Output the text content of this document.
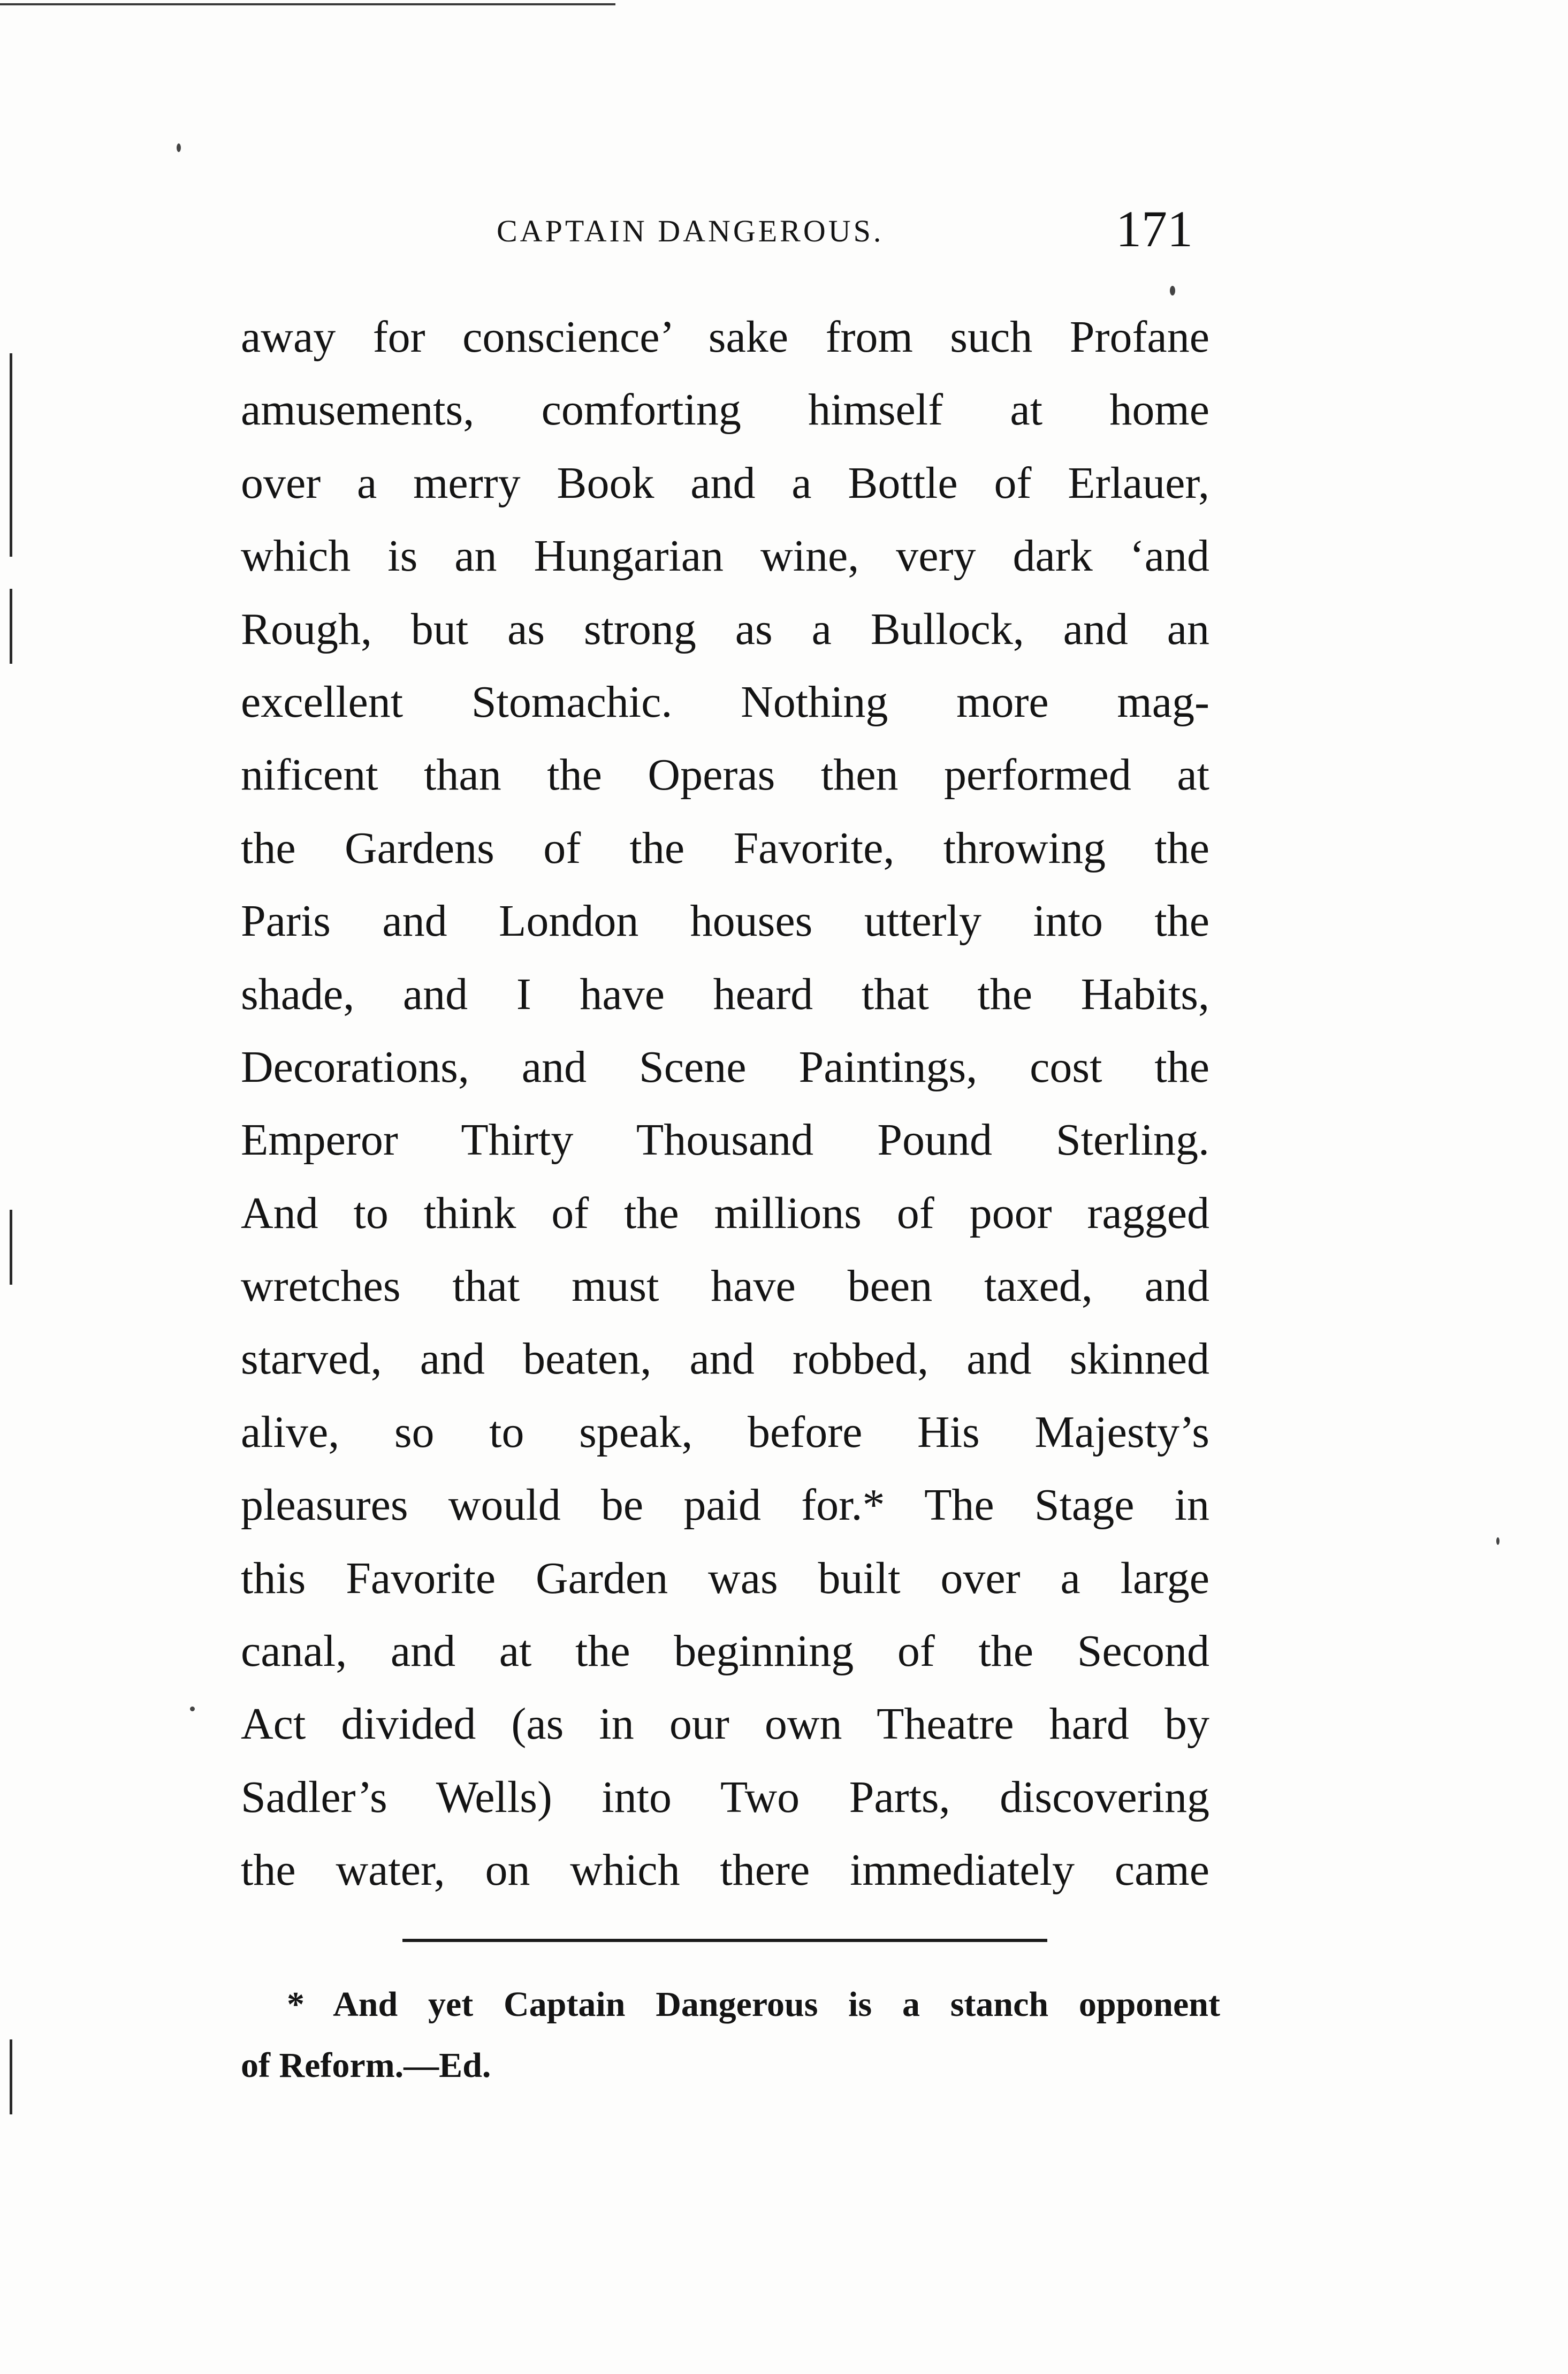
CAPTAIN DANGEROUS.	171
away for conscience’ sake from such Profane
amusements, comforting himself at home
over a merry Book and a Bottle of Erlauer,
which is an Hungarian wine, very dark ‘and
Rough, but as strong as a Bullock, and an
excellent Stomachic. Nothing more mag-
nificent than the Operas then performed at
the Gardens of the Favorite, throwing the
Paris and London houses utterly into the
shade, and I have heard that the Habits,
Decorations, and Scene Paintings, cost the
Emperor Thirty Thousand Pound Sterling.
And to think of the millions of poor ragged
wretches that must have been taxed, and
starved, and beaten, and robbed, and skinned
alive, so to speak, before His Majesty’s
pleasures would be paid for.* The Stage in
this Favorite Garden was built over a large
canal, and at the beginning of the Second
Act divided (as in our own Theatre hard by
Sadler’s Wells) into Two Parts, discovering
the water, on which there immediately came
* And yet Captain Dangerous is a stanch opponent
of Reform.—Ed.
